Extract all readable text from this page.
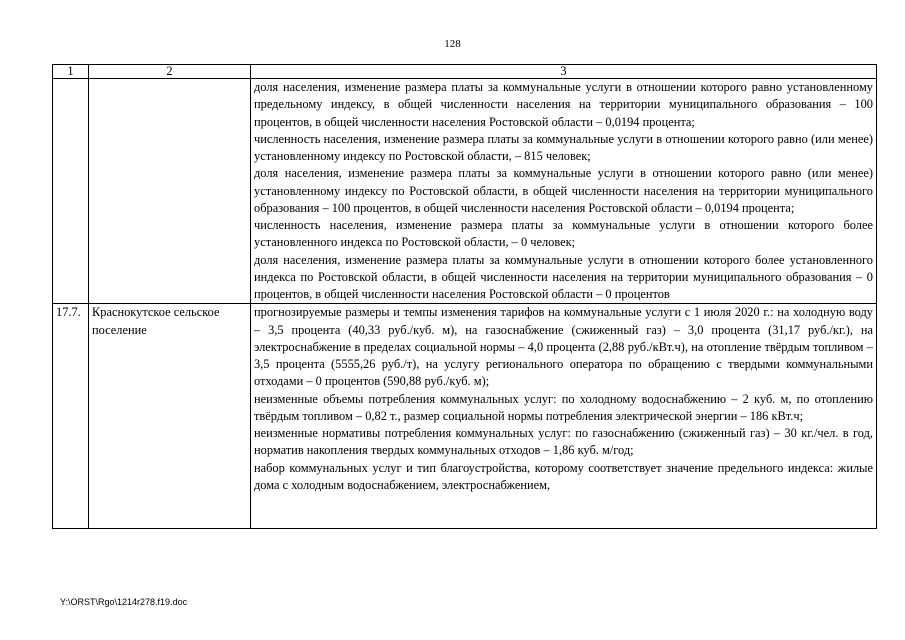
128
1	2	3

		доля населения, изменение размера платы за коммунальные услуги в отношении которого равно установленному предельному индексу, в общей численности населения на территории муниципального образования – 100 процентов, в общей численности населения Ростовской области – 0,0194 процента;

численность населения, изменение размера платы за коммунальные услуги в отношении которого равно (или менее) установленному индексу по Ростовской области, – 815 человек;

доля населения, изменение размера платы за коммунальные услуги в отношении которого равно (или менее) установленному индексу по Ростовской области, в общей численности населения на территории муниципального образования – 100 процентов, в общей численности населения Ростовской области – 0,0194 процента;

численность населения, изменение размера платы за коммунальные услуги в отношении которого более установленного индекса по Ростовской области, – 0 человек;

доля населения, изменение размера платы за коммунальные услуги в отношении которого более установленного индекса по Ростовской области, в общей численности населения на территории муниципального образования – 0 процентов, в общей численности населения Ростовской области – 0 процентов

17.7.	Краснокутское сельское поселение	прогнозируемые размеры и темпы изменения тарифов на коммунальные услуги с 1 июля 2020 г.: на холодную воду – 3,5 процента (40,33 руб./куб. м), на газоснабжение (сжиженный газ) – 3,0 процента (31,17 руб./кг.), на электроснабжение в пределах социальной нормы – 4,0 процента (2,88 руб./кВт.ч), на отопление твёрдым топливом – 3,5 процента (5555,26 руб./т), на услугу регионального оператора по обращению с твердыми коммунальными отходами – 0 процентов (590,88 руб./куб. м);

неизменные объемы потребления коммунальных услуг: по холодному водоснабжению – 2 куб. м, по отоплению твёрдым топливом – 0,82 т., размер социальной нормы потребления электрической энергии – 186 кВт.ч;

неизменные нормативы потребления коммунальных услуг: по газоснабжению (сжиженный газ) – 30 кг./чел. в год, норматив накопления твердых коммунальных отходов – 1,86 куб. м/год;

набор коммунальных услуг и тип благоустройства, которому соответствует значение предельного индекса: жилые дома с холодным водоснабжением, электроснабжением,

Y:\ORST\Rgo\1214r278.f19.doc
